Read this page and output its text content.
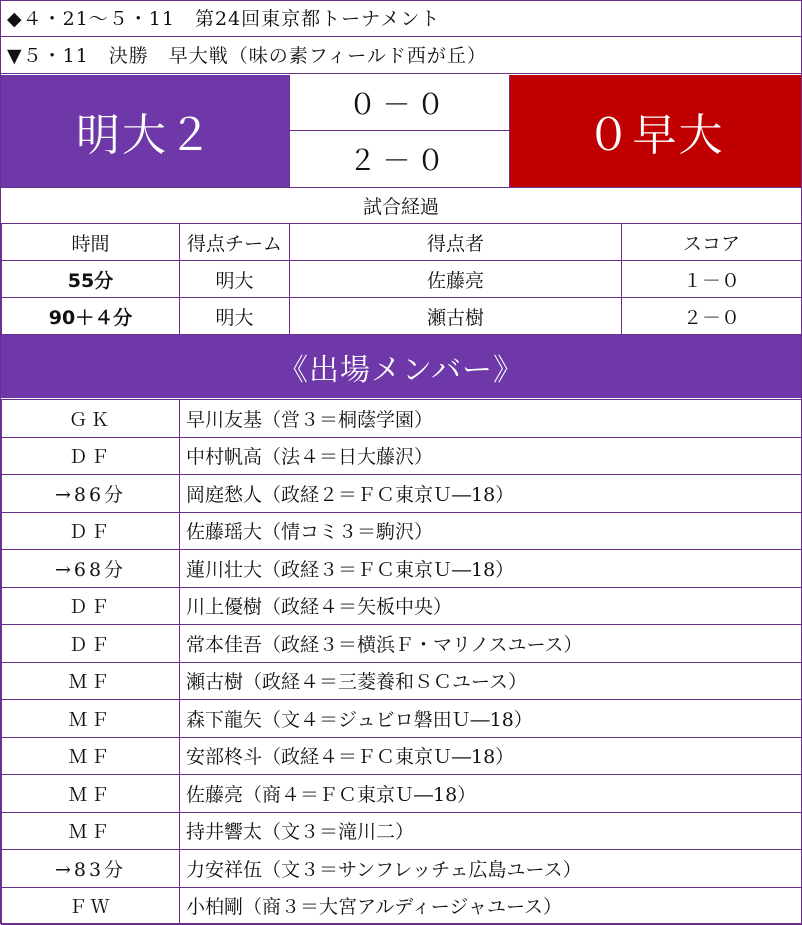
◆４・21～５・11　第24回東京都トーナメント
▼５・11　決勝　早大戦（味の素フィールド西が丘）
明大２
０－０
２－０	０早大
試合経過
時間	得点チーム	得点者	スコア
55分	明大	佐藤亮	１－０
90＋４分	明大	瀬古樹	２－０
《出場メンバー》
ＧＫ	早川友基（営３＝桐蔭学園）
ＤＦ	中村帆高（法４＝日大藤沢）
→86分	岡庭愁人（政経２＝ＦＣ東京Ｕ―18）
ＤＦ	佐藤瑶大（情コミ３＝駒沢）
→68分	蓮川壮大（政経３＝ＦＣ東京Ｕ―18）
ＤＦ	川上優樹（政経４＝矢板中央）
ＤＦ	常本佳吾（政経３＝横浜Ｆ・マリノスユース）
ＭＦ	瀬古樹（政経４＝三菱養和ＳＣユース）
ＭＦ	森下龍矢（文４＝ジュビロ磐田Ｕ―18）
ＭＦ	安部柊斗（政経４＝ＦＣ東京Ｕ―18）
ＭＦ	佐藤亮（商４＝ＦＣ東京Ｕ―18）
ＭＦ	持井響太（文３＝滝川二）
→83分	力安祥伍（文３＝サンフレッチェ広島ユース）
ＦＷ	小柏剛（商３＝大宮アルディージャユース）
